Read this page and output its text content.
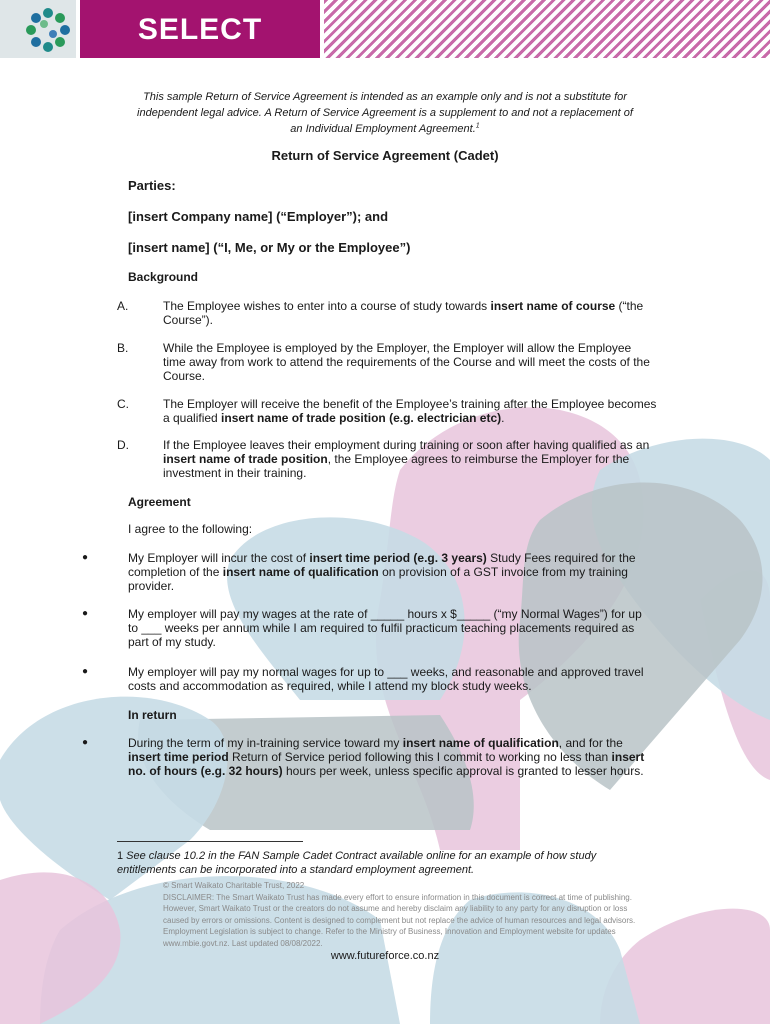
SELECT
This sample Return of Service Agreement is intended as an example only and is not a substitute for
independent legal advice. A Return of Service Agreement is a supplement to and not a replacement of
an Individual Employment Agreement.$^1$
Return of Service Agreement (Cadet)
Parties:
[insert Company name] (“Employer”); and
[insert name] (“I, Me, or My or the Employee”)
Background
A.	The Employee wishes to enter into a course of study towards insert name of course (“the Course”).
B.	While the Employee is employed by the Employer, the Employer will allow the Employee time away from work to attend the requirements of the Course and will meet the costs of the Course.
C.	The Employer will receive the benefit of the Employee’s training after the Employee becomes a qualified insert name of trade position (e.g. electrician etc).
D.	If the Employee leaves their employment during training or soon after having qualified as an insert name of trade position, the Employee agrees to reimburse the Employer for the investment in their training.
Agreement
I agree to the following:
●	My Employer will incur the cost of insert time period (e.g. 3 years) Study Fees required for the completion of the insert name of qualification on provision of a GST invoice from my training provider.
●	My employer will pay my wages at the rate of _____ hours x $_____ (“my Normal Wages”) for up to ___ weeks per annum while I am required to fulfil practicum teaching placements required as part of my study.
●	My employer will pay my normal wages for up to ___ weeks, and reasonable and approved travel costs and accommodation as required, while I attend my block study weeks.
In return
●	During the term of my in-training service toward my insert name of qualification, and for the insert time period Return of Service period following this I commit to working no less than insert no. of hours (e.g. 32 hours) hours per week, unless specific approval is granted to lesser hours.
1 See clause 10.2 in the FAN Sample Cadet Contract available online for an example of how study entitlements can be incorporated into a standard employment agreement.
© Smart Waikato Charitable Trust, 2022
DISCLAIMER: The Smart Waikato Trust has made every effort to ensure information in this document is correct at time of publishing. However, Smart Waikato Trust or the creators do not assume and hereby disclaim any liability to any party for any disruption or loss caused by errors or omissions. Content is designed to complement but not replace the advice of human resources and legal advisors. Employment Legislation is subject to change. Refer to the Ministry of Business, Innovation and Employment website for updates www.mbie.govt.nz. Last updated 08/08/2022.
www.futureforce.co.nz
